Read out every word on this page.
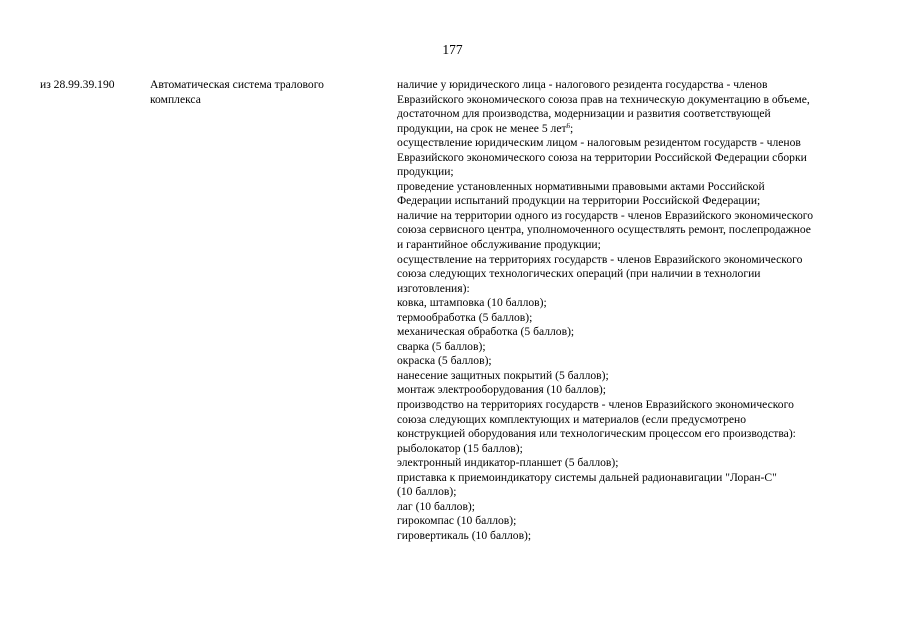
177
из 28.99.39.190	Автоматическая система тралового
комплекса
наличие у юридического лица - налогового резидента государства - членов
Евразийского экономического союза прав на техническую документацию в объеме,
достаточном для производства, модернизации и развития соответствующей
продукции, на срок не менее 5 лет$^6$;
осуществление юридическим лицом - налоговым резидентом государств - членов
Евразийского экономического союза на территории Российской Федерации сборки
продукции;
проведение установленных нормативными правовыми актами Российской
Федерации испытаний продукции на территории Российской Федерации;
наличие на территории одного из государств - членов Евразийского экономического
союза сервисного центра, уполномоченного осуществлять ремонт, послепродажное
и гарантийное обслуживание продукции;
осуществление на территориях государств - членов Евразийского экономического
союза следующих технологических операций (при наличии в технологии
изготовления):
ковка, штамповка (10 баллов);
термообработка (5 баллов);
механическая обработка (5 баллов);
сварка (5 баллов);
окраска (5 баллов);
нанесение защитных покрытий (5 баллов);
монтаж электрооборудования (10 баллов);
производство на территориях государств - членов Евразийского экономического
союза следующих комплектующих и материалов (если предусмотрено
конструкцией оборудования или технологическим процессом его производства):
рыболокатор (15 баллов);
электронный индикатор-планшет (5 баллов);
приставка к приемоиндикатору системы дальней радионавигации "Лоран-С"
(10 баллов);
лаг (10 баллов);
гирокомпас (10 баллов);
гировертикаль (10 баллов);
